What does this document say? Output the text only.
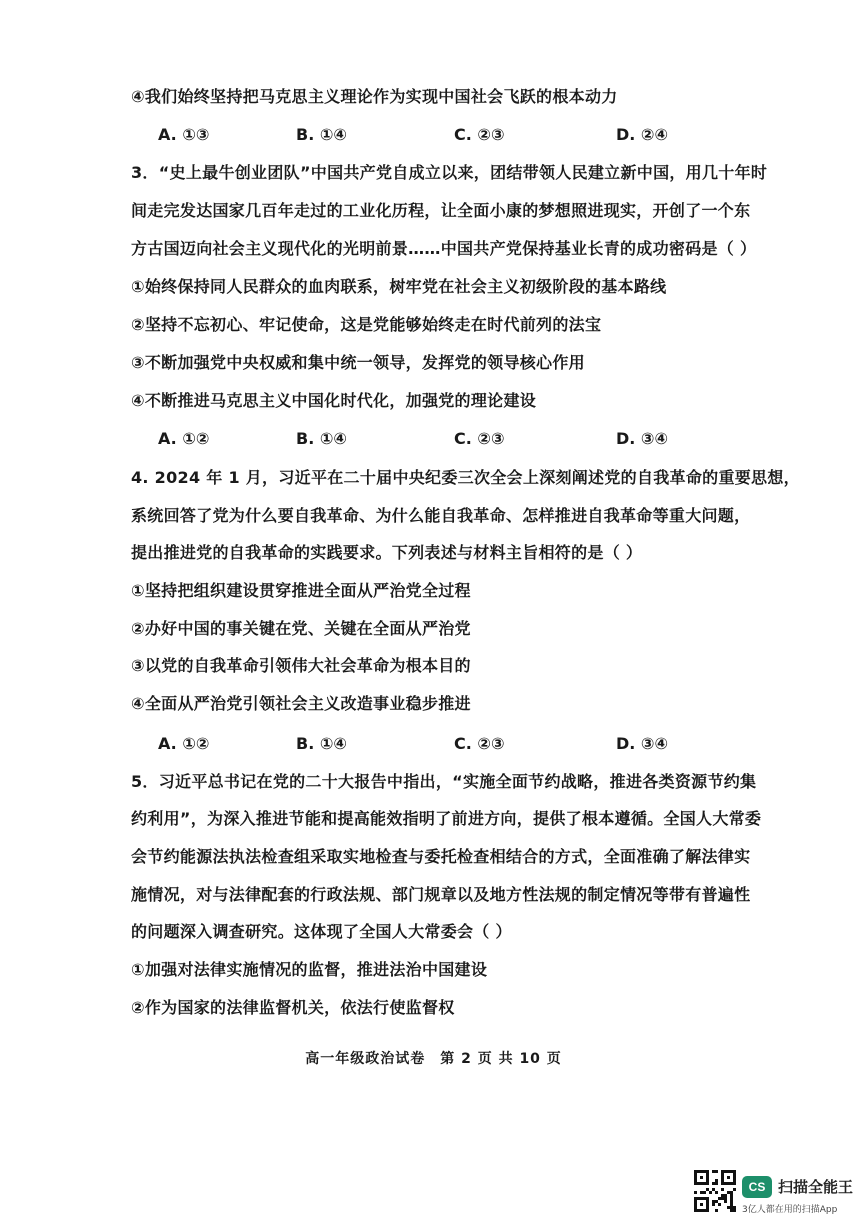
④我们始终坚持把马克思主义理论作为实现中国社会飞跃的根本动力
A. ①③	B. ①④	C. ②③	D. ②④
3．“史上最牛创业团队”中国共产党自成立以来，团结带领人民建立新中国，用几十年时
间走完发达国家几百年走过的工业化历程，让全面小康的梦想照进现实，开创了一个东
方古国迈向社会主义现代化的光明前景……中国共产党保持基业长青的成功密码是（ ）
①始终保持同人民群众的血肉联系，树牢党在社会主义初级阶段的基本路线
②坚持不忘初心、牢记使命，这是党能够始终走在时代前列的法宝
③不断加强党中央权威和集中统一领导，发挥党的领导核心作用
④不断推进马克思主义中国化时代化，加强党的理论建设
A. ①②	B. ①④	C. ②③	D. ③④
4. 2024 年 1 月，习近平在二十届中央纪委三次全会上深刻阐述党的自我革命的重要思想，
系统回答了党为什么要自我革命、为什么能自我革命、怎样推进自我革命等重大问题，
提出推进党的自我革命的实践要求。下列表述与材料主旨相符的是（ ）
①坚持把组织建设贯穿推进全面从严治党全过程
②办好中国的事关键在党、关键在全面从严治党
③以党的自我革命引领伟大社会革命为根本目的
④全面从严治党引领社会主义改造事业稳步推进
A. ①②	B. ①④	C. ②③	D. ③④
5．习近平总书记在党的二十大报告中指出，“实施全面节约战略，推进各类资源节约集
约利用”，为深入推进节能和提高能效指明了前进方向，提供了根本遵循。全国人大常委
会节约能源法执法检查组采取实地检查与委托检查相结合的方式，全面准确了解法律实
施情况，对与法律配套的行政法规、部门规章以及地方性法规的制定情况等带有普遍性
的问题深入调查研究。这体现了全国人大常委会（ ）
①加强对法律实施情况的监督，推进法治中国建设
②作为国家的法律监督机关，依法行使监督权
高一年级政治试卷　第 2 页 共 10 页
CS 扫描全能王
3亿人都在用的扫描App
